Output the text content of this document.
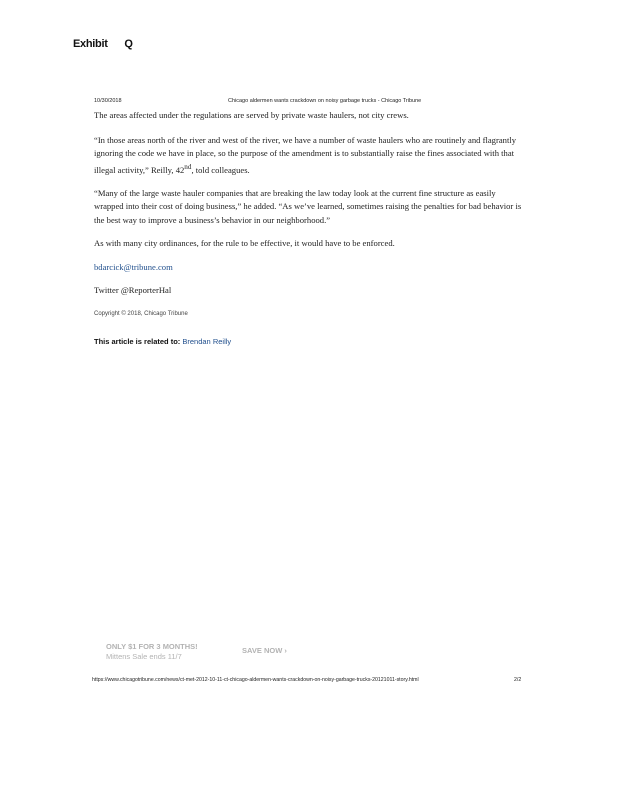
Exhibit Q
10/30/2018	Chicago aldermen wants crackdown on noisy garbage trucks - Chicago Tribune

The areas affected under the regulations are served by private waste haulers, not city crews.

“In those areas north of the river and west of the river, we have a number of waste haulers who are routinely and flagrantly ignoring the code we have in place, so the purpose of the amendment is to substantially raise the fines associated with that illegal activity,” Reilly, 42nd, told colleagues.

“Many of the large waste hauler companies that are breaking the law today look at the current fine structure as easily wrapped into their cost of doing business,” he added. “As we’ve learned, sometimes raising the penalties for bad behavior is the best way to improve a business’s behavior in our neighborhood.”

As with many city ordinances, for the rule to be effective, it would have to be enforced.

bdarcick@tribune.com

Twitter @ReporterHal

Copyright © 2018, Chicago Tribune

This article is related to: Brendan Reilly
ONLY $1 FOR 3 MONTHS!
Mittens Sale ends 11/7
SAVE NOW ›
https://www.chicagotribune.com/news/ct-met-2012-10-11-ct-chicago-aldermen-wants-crackdown-on-noisy-garbage-trucks-20121011-story.html	2/2
